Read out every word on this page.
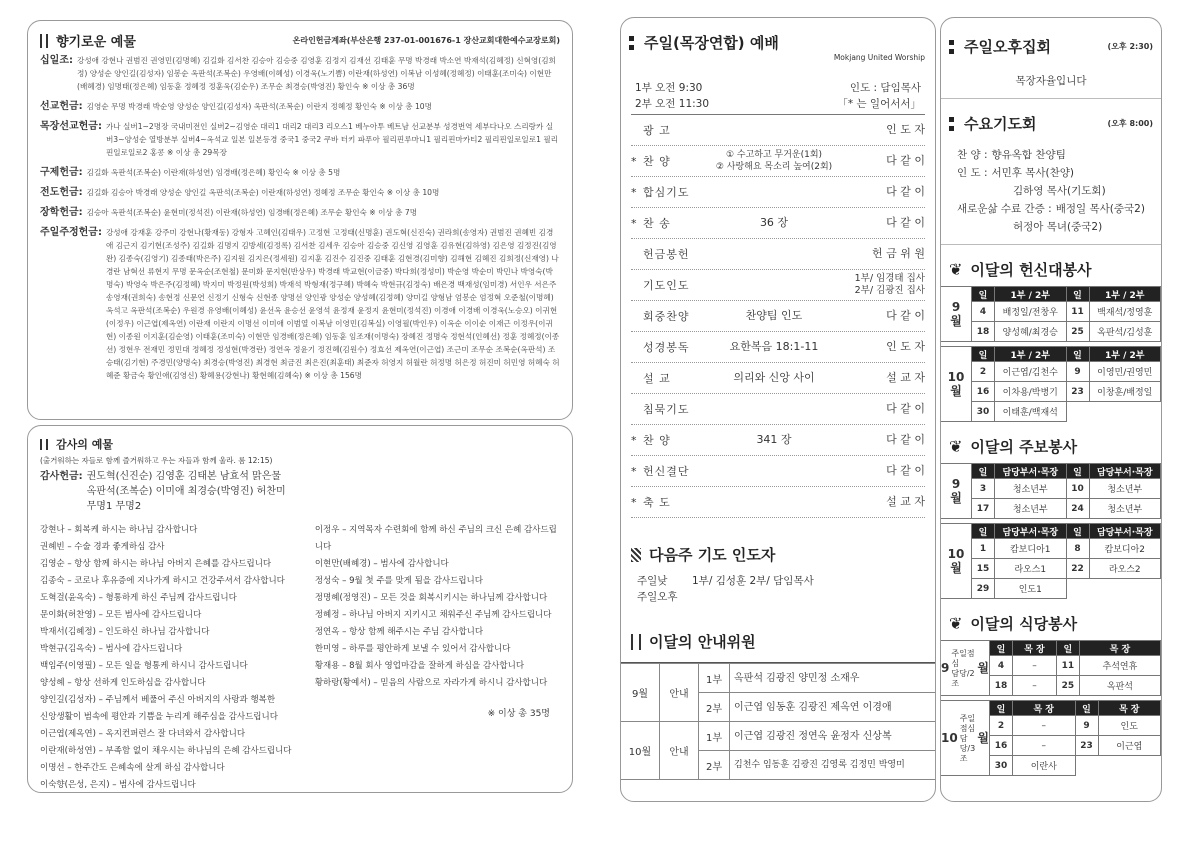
향기로운 예물	온라인헌금계좌(부산은행 237-01-001676-1 장산교회대한예수교장로회)
십일조: 강성애 강현나 권범진 권영민(김명혜) 김길화 김서찬 김승아 김승중 김영훈 김정지 김재선 김태훈 무명 박경래 박소연 박재석(김혜정) 신혁영(김희정) 양성순 양인길(김성자) 임봉순 옥판석(조복순) 우영배(이혜성) 이경욱(노기쁨) 이란재(하성연) 이복남 이성혜(정혜정) 이태훈(조미숙) 이현만(배혜경) 임명태(정은혜) 임동훈 정혜정 정훈욱(김순우) 조무순 최경승(박영진) 황인숙 ※ 이상 총 36명
선교헌금: 김영순 무명 박경래 박순영 양성순 양인길(김성자) 옥판석(조복순) 이란지 정혜정 황인숙 ※ 이상 총 10명
목장선교헌금: 가나 실버1~2명장 국내미전인 실버2~김영순 대리1 대리2 대리3 리오스1 베누아투 베트남 선교분부 성경번역 세부다나오 스리랑카 실버3~양성순 열방분부 실버4~옥석교 일본 일본등경 중국1 중국2 쿠바 터키 파푸아 필리핀루마니1 필리핀마카티2 필리핀일로일로1 필리핀일로일로2 홍콩 ※ 이상 총 29목장
구제헌금: 김길화 옥판석(조복순) 이란재(하성연) 임경배(정은혜) 황인숙 ※ 이상 총 5명
전도헌금: 김길화 김승아 박경래 양성순 양인길 옥판석(조복순) 이란재(하성연) 정혜정 조무순 황인숙 ※ 이상 총 10명
장학헌금: 김승아 옥판석(조복순) 윤현미(정석진) 이란재(하성연) 임경배(정은혜) 조무순 황인숙 ※ 이상 총 7명
주일주정헌금: 강성애 강재훈 강주미 강현나(황재동) 강형자 고혜인(김태우) 고정현 고정태(신명훈) 권도혁(신진숙) 권라희(송영자) 권범진 권혜빈 김경애 김근지 김기현(조성주) 김길화 김명지 김방세(김정록) 김서찬 김세우 김승아 김승중 김신영 김영훈 김유현(김하영) 김은영 김정진(김영완) 김종숙(김영기) 김종태(박은주) 김지원 김지은(정세원) 김지훈 김진수 김진중 김태훈 김현경(김미향) 김해현 김혜진 김희정(신재영) 나경란 남혁선 류현지 무명 문옥순(조현철) 문미화 문지현(반상우) 박경래 박교현(이금중) 박다희(정성미) 박순영 박순미 박민나 박영숙(박명숙) 박영숙 박은주(김정혜) 박지미 박정원(박성희) 박재석 박형재(정구혜) 박혜숙 박현규(김정숙) 배은경 백재성(임미경) 서인우 서은주 송영재(권희숙) 송현정 신문연 신정기 신형숙 신현종 양명선 양인광 양성순 양성혜(김정혜) 양미길 양형남 엄봉순 엄정혁 오준철(이명혜) 옥석고 옥판석(조복순) 우원경 유영배(이혜성) 윤선옥 윤승선 윤영석 윤정재 윤정지 윤현미(정석진) 이경애 이경배 이경욱(노승오) 이귀현(이정우) 이근엽(제옥연) 이란재 이란지 이명선 이미애 이범열 이복남 이영민(김복실) 이영필(박인우) 이옥순 이이순 이재근 이정우(이귀현) 이종원 이지훈(김순영) 이태훈(조미숙) 이현만 임경배(정은혜) 임동훈 임조재(이명숙) 장혜진 정명숙 정현석(인혜선) 정훈 정혜정(이종선) 정현우 전재민 정민대 정혜정 정성현(박경란) 정연옥 정윤기 정진혜(김원수) 정효선 제옥연(이근엽) 조근미 조무순 조복순(옥판석) 조승태(김기현) 주경민(양명숙) 최경승(박영진) 최경현 최금진 최은진(최훈태) 최준자 허영지 허월란 허정명 허은정 허진미 허민영 허혜숙 허혜준 황금숙 황인애(김영신) 황혜용(강현나) 황현혜(김혜숙) ※ 이상 총 156명
감사의 예물
(출거워하는 자들로 함께 즐거워하고 우는 자들과 함께 울라. 롬 12:15)
감사헌금: 권도혁(신진순) 김영훈 김태본 남효석 맑은물
옥판석(조복순) 이미애 최경승(박영진) 허찬미
무명1 무명2
강현나 – 회복케 하시는 하나님 감사합니다
권혜빈 – 수술 경과 좋게하심 감사
김영순 – 항상 함께 하시는 하나님 아버지 은혜를 감사드립니다
김종숙 – 코로나 후유증에 지나가게 하시고 건강주셔서 감사합니다
도혁걸(윤옥숙) – 형통하게 하신 주님께 감사드립니다
문이화(허찬영) – 모든 범사에 감사드립니다
박재서(김혜정) – 인도하신 하나님 감사합니다
박현규(김옥숙) – 범사에 감사드립니다
백임주(이영필) – 모든 일을 형통케 하시니 감사드립니다
양성혜 – 항상 선하게 인도하심을 감사합니다
양인길(김성자) – 주님께서 베풀어 주신 아버지의 사랑과 행복한
신앙생활이 범속에 평안과 기쁨을 누리게 해주심을 감사드립니다
이근엽(제옥연) – 옥지컨퍼런스 잘 다녀와서 감사합니다
이란재(하성연) – 부족함 없이 채우시는 하나님의 은혜 감사드립니다
이명선 – 한주간도 은혜속에 살게 하심 감사합니다
이숙향(은성, 은지) – 범사에 감사드립니다
이정우 – 지역목자 수련회에 함께 하신 주님의 크신 은혜 감사드립니다
이현만(배혜경) – 범사에 감사합니다
정성숙 – 9월 첫 주를 맞게 됨을 감사드립니다
정명혜(정영진) – 모든 것을 회복시키시는 하나님께 감사합니다
정혜정 – 하나님 아버지 지키시고 채워주신 주님께 감사드립니다
정연옥 – 항상 함께 해주시는 주님 감사합니다
한미영 – 하루를 평안하게 보낼 수 있어서 감사합니다
황재용 – 8월 회사 영업마감을 잘하게 하심을 감사합니다
황하랑(황예서) – 믿음의 사람으로 자라가게 하시니 감사합니다
※ 이상 총 35명
주일(목장연합) 예배
Mokjang United Worship
1부 오전 9:30
2부 오전 11:30
인도 : 담임목사
「* 는 일어서서」
광 고	인 도 자
* 찬 양	① 수고하고 무거운(1회)
② 사랑해요 목소리 높여(2회)	다 같 이
* 합심기도	다 같 이
* 찬 송	36 장	다 같 이
헌금봉헌	헌 금 위 원
기도인도
1부/ 임경태 집사
2부/ 김광진 집사
회중찬양	찬양팀 인도	다 같 이
성경봉독	요한복음 18:1-11	인 도 자
설 교	의리와 신앙 사이	설 교 자
침묵기도	다 같 이
* 찬 양	341 장	다 같 이
* 헌신결단	다 같 이
* 축 도	설 교 자
다음주 기도 인도자
주일낮	1부/ 김성훈 2부/ 담임목사
주일오후
이달의 안내위원
9월	안내	1부	옥판석 김광진 양민정 소재우
		2부	이근엽 임동훈 김광진 제옥연 이경애
10월	안내	1부	이근엽 김광진 정연옥 윤정자 신상복
		2부	김천수 임동훈 김광진 김영록 김정민 박영미
주일오후집회	(오후 2:30)
목장자율입니다
수요기도회	(오후 8:00)
찬 양 : 향유옥합 찬양팀
인 도 : 서민후 목사(찬양)
김하영 목사(기도회)
새로운삶 수료 간증 : 배정일 목사(중국2)
허정아 목녀(중국2)
❦ 이달의 헌신대봉사
9
월
일	1부 / 2부	일	1부 / 2부
4	배정일/전창우	11	백재석/정영훈
18	양성혜/최경승	25	옥판석/김성훈
10
월
일	1부 / 2부	일	1부 / 2부
2	이근엽/김천수	9	이영민/권영민
16	이차용/박병기	23	이창훈/배정일
30	이태훈/백재석		
❦ 이달의 주보봉사
9
월
일	담당부서·목장	일	담당부서·목장
3	청소년부	10	청소년부
17	청소년부	24	청소년부
10
월
일	담당부서·목장	일	담당부서·목장
1	캄보디아1	8	캄보디아2
15	라오스1	22	라오스2
29	인도1		
❦ 이달의 식당봉사
9
주일점심
담당/2조
월
일	목 장	일	목 장
4	–	11	추석연휴
18	–	25	옥판석
10
주일점심
담당/3조
월
일	목 장	일	목 장
2	–	9	인도
16	–	23	이근엽
30	이란사		
